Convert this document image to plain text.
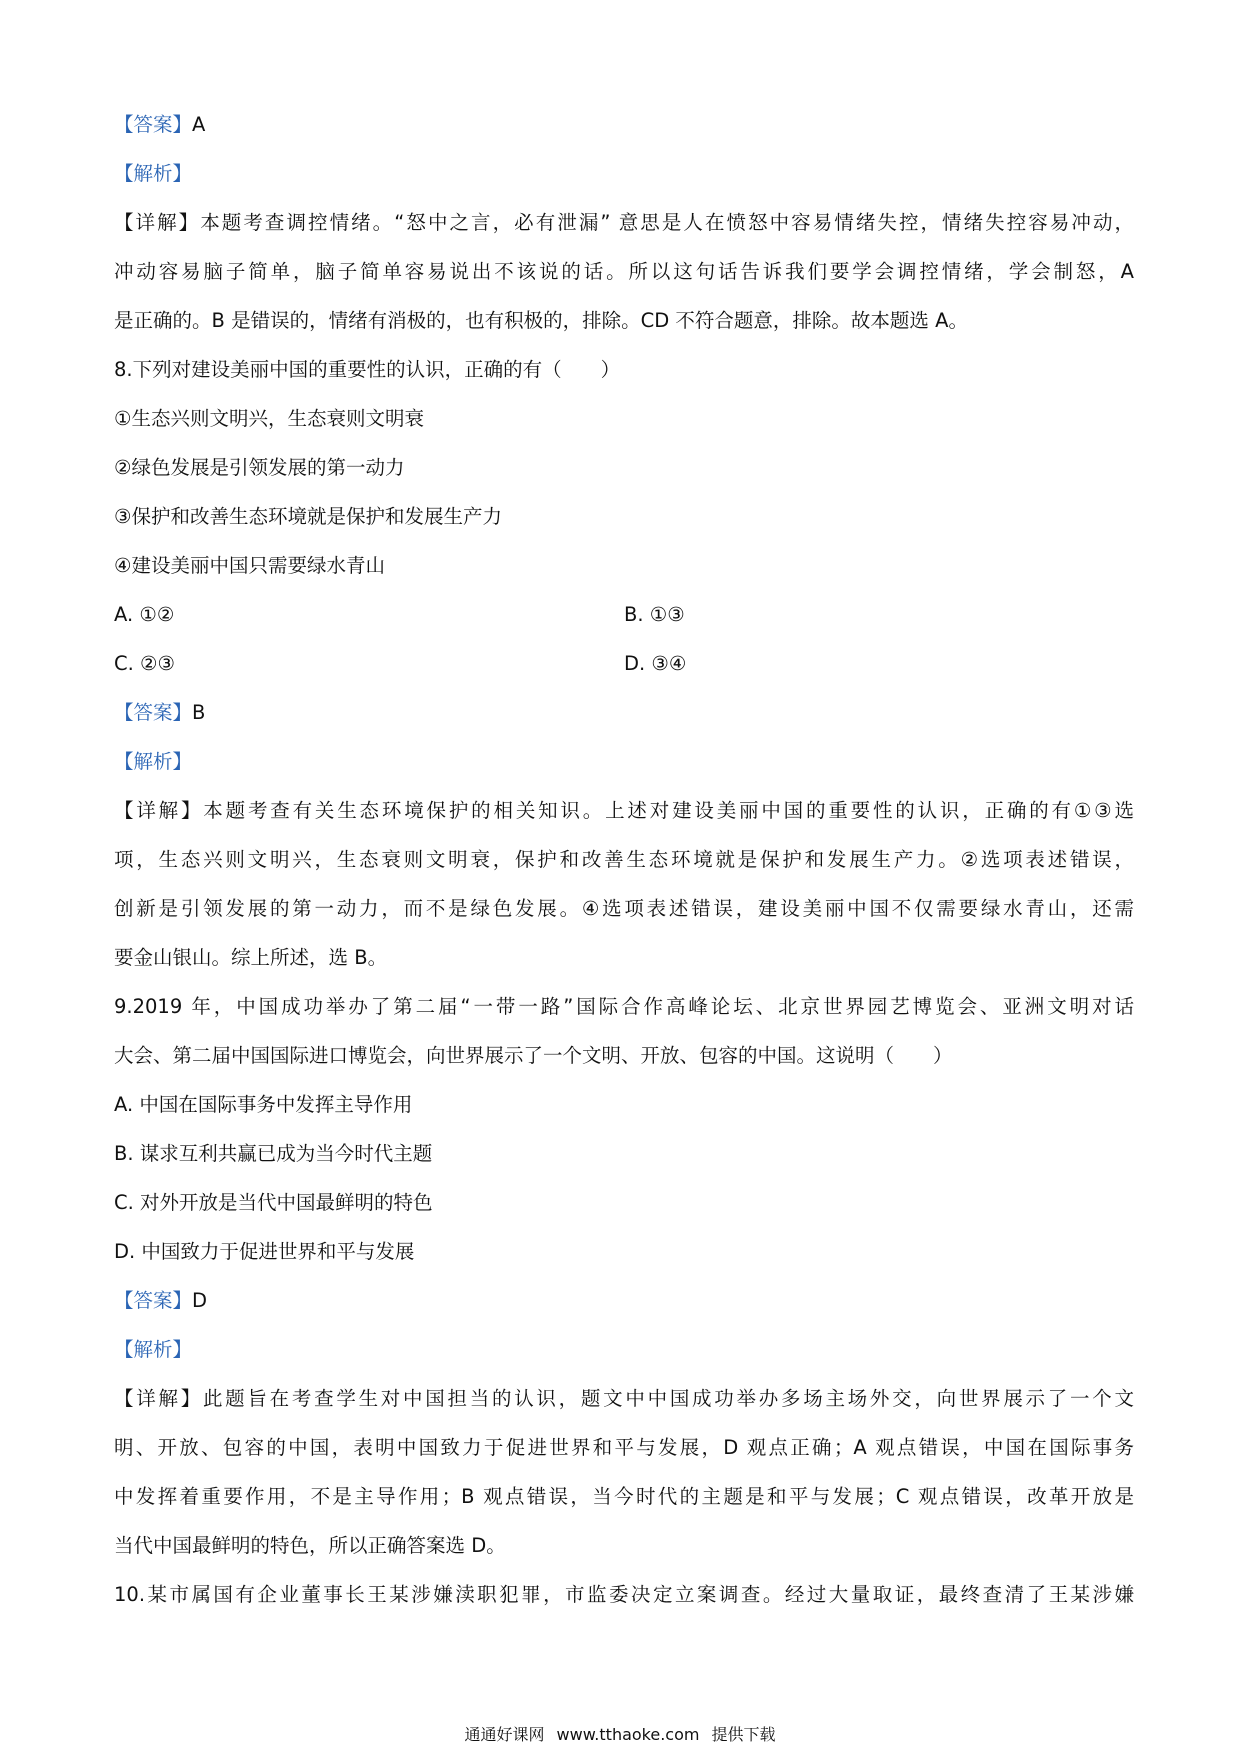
【答案】A
【解析】
【详解】本题考查调控情绪。“怒中之言，必有泄漏” 意思是人在愤怒中容易情绪失控，情绪失控容易冲动，
冲动容易脑子简单，脑子简单容易说出不该说的话。所以这句话告诉我们要学会调控情绪，学会制怒，A
是正确的。B 是错误的，情绪有消极的，也有积极的，排除。CD 不符合题意，排除。故本题选 A。
8.下列对建设美丽中国的重要性的认识，正确的有（　　）
①生态兴则文明兴，生态衰则文明衰
②绿色发展是引领发展的第一动力
③保护和改善生态环境就是保护和发展生产力
④建设美丽中国只需要绿水青山
A. ①②	B. ①③
C. ②③	D. ③④
【答案】B
【解析】
【详解】本题考查有关生态环境保护的相关知识。上述对建设美丽中国的重要性的认识，正确的有①③选
项，生态兴则文明兴，生态衰则文明衰，保护和改善生态环境就是保护和发展生产力。②选项表述错误，
创新是引领发展的第一动力，而不是绿色发展。④选项表述错误，建设美丽中国不仅需要绿水青山，还需
要金山银山。综上所述，选 B。
9.2019 年，中国成功举办了第二届“一带一路”国际合作高峰论坛、北京世界园艺博览会、亚洲文明对话
大会、第二届中国国际进口博览会，向世界展示了一个文明、开放、包容的中国。这说明（　　）
A. 中国在国际事务中发挥主导作用
B. 谋求互利共赢已成为当今时代主题
C. 对外开放是当代中国最鲜明的特色
D. 中国致力于促进世界和平与发展
【答案】D
【解析】
【详解】此题旨在考查学生对中国担当的认识，题文中中国成功举办多场主场外交，向世界展示了一个文
明、开放、包容的中国，表明中国致力于促进世界和平与发展，D 观点正确；A 观点错误，中国在国际事务
中发挥着重要作用，不是主导作用；B 观点错误，当今时代的主题是和平与发展；C 观点错误，改革开放是
当代中国最鲜明的特色，所以正确答案选 D。
10.某市属国有企业董事长王某涉嫌渎职犯罪，市监委决定立案调查。经过大量取证，最终查清了王某涉嫌
通通好课网 www.tthaoke.com 提供下载
